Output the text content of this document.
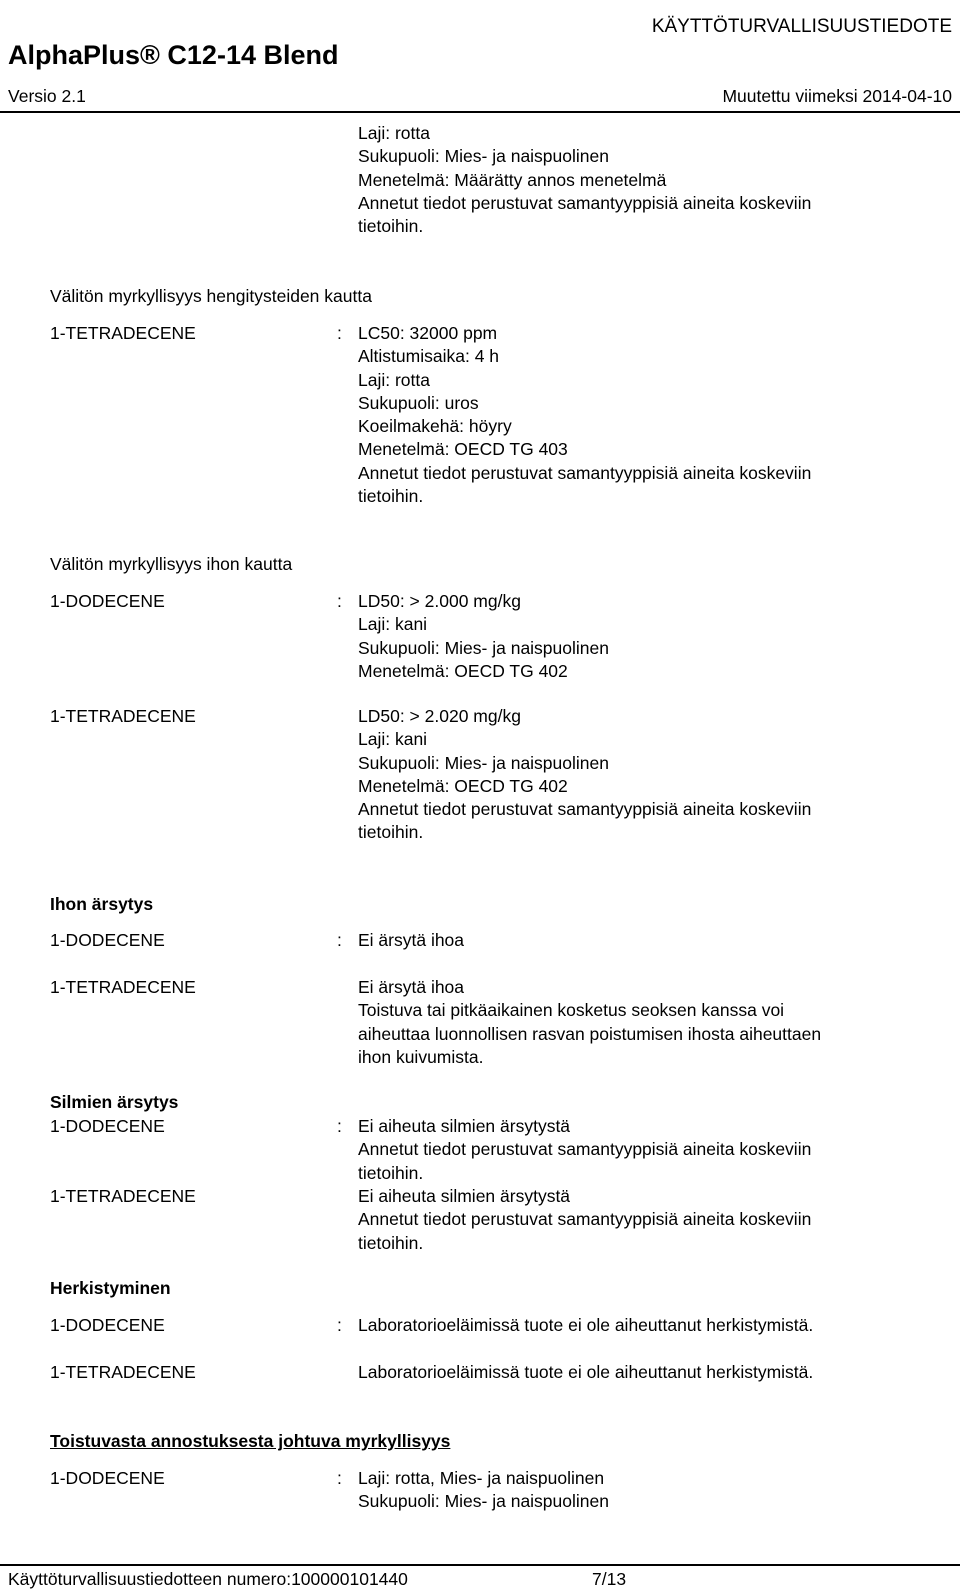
KÄYTTÖTURVALLISUUSTIEDOTE
AlphaPlus® C12-14 Blend
Versio 2.1	Muutettu viimeksi 2014-04-10
Laji: rotta
Sukupuoli: Mies- ja naispuolinen
Menetelmä: Määrätty annos menetelmä
Annetut tiedot perustuvat samantyyppisiä aineita koskeviin
tietoihin.
Välitön myrkyllisyys hengitysteiden kautta
1-TETRADECENE	: LC50: 32000 ppm
Altistumisaika: 4 h
Laji: rotta
Sukupuoli: uros
Koeilmakehä: höyry
Menetelmä: OECD TG 403
Annetut tiedot perustuvat samantyyppisiä aineita koskeviin
tietoihin.
Välitön myrkyllisyys ihon kautta
1-DODECENE	: LD50: > 2.000 mg/kg
Laji: kani
Sukupuoli: Mies- ja naispuolinen
Menetelmä: OECD TG 402
1-TETRADECENE	LD50: > 2.020 mg/kg
Laji: kani
Sukupuoli: Mies- ja naispuolinen
Menetelmä: OECD TG 402
Annetut tiedot perustuvat samantyyppisiä aineita koskeviin
tietoihin.
Ihon ärsytys
1-DODECENE	: Ei ärsytä ihoa
1-TETRADECENE	Ei ärsytä ihoa
Toistuva tai pitkäaikainen kosketus seoksen kanssa voi
aiheuttaa luonnollisen rasvan poistumisen ihosta aiheuttaen
ihon kuivumista.
Silmien ärsytys
1-DODECENE	: Ei aiheuta silmien ärsytystä
Annetut tiedot perustuvat samantyyppisiä aineita koskeviin
tietoihin.
1-TETRADECENE	Ei aiheuta silmien ärsytystä
Annetut tiedot perustuvat samantyyppisiä aineita koskeviin
tietoihin.
Herkistyminen
1-DODECENE	: Laboratorioeläimissä tuote ei ole aiheuttanut herkistymistä.
1-TETRADECENE	Laboratorioeläimissä tuote ei ole aiheuttanut herkistymistä.
Toistuvasta annostuksesta johtuva myrkyllisyys
1-DODECENE	: Laji: rotta, Mies- ja naispuolinen
Sukupuoli: Mies- ja naispuolinen
Käyttöturvallisuustiedotteen numero:100000101440	7/13
